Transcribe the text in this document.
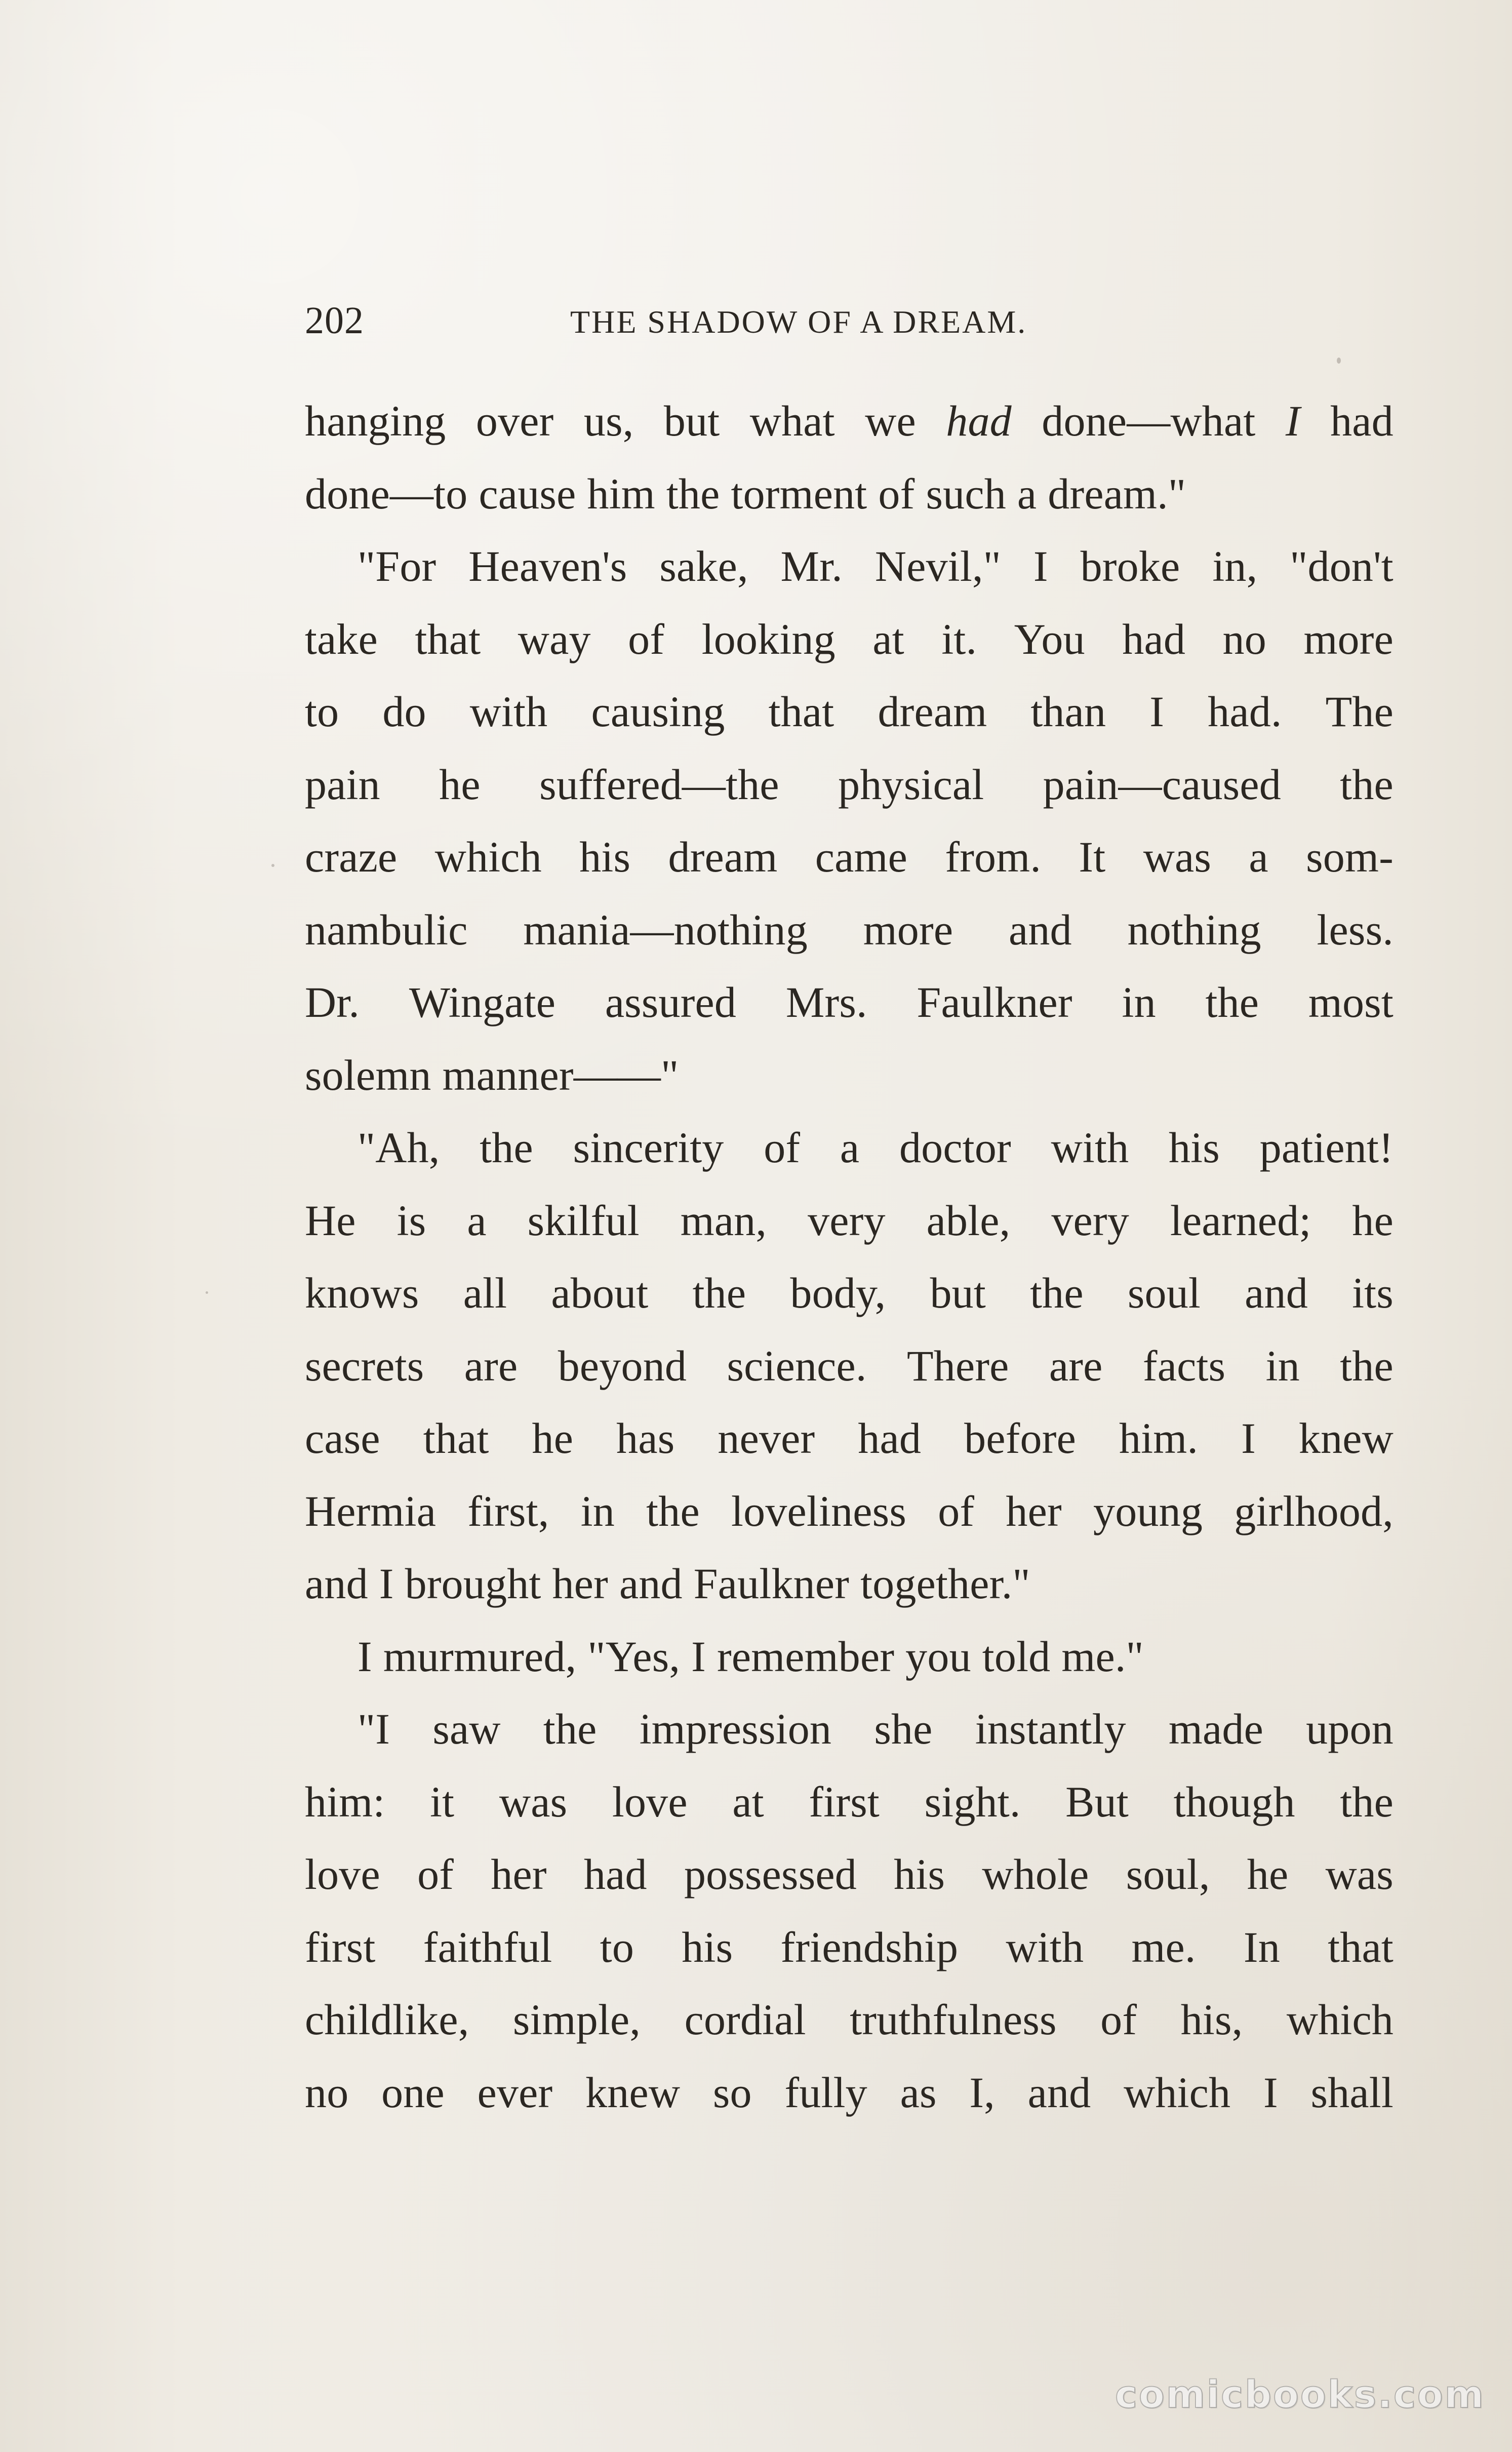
202	THE SHADOW OF A DREAM.
hanging over us, but what we had done—what I had
done—to cause him the torment of such a dream."
"For Heaven's sake, Mr. Nevil," I broke in, "don't
take that way of looking at it. You had no more
to do with causing that dream than I had. The
pain he suffered—the physical pain—caused the
craze which his dream came from. It was a som-
nambulic mania—nothing more and nothing less.
Dr. Wingate assured Mrs. Faulkner in the most
solemn manner——"
"Ah, the sincerity of a doctor with his patient!
He is a skilful man, very able, very learned; he
knows all about the body, but the soul and its
secrets are beyond science. There are facts in the
case that he has never had before him. I knew
Hermia first, in the loveliness of her young girlhood,
and I brought her and Faulkner together."
I murmured, "Yes, I remember you told me."
"I saw the impression she instantly made upon
him: it was love at first sight. But though the
love of her had possessed his whole soul, he was
first faithful to his friendship with me. In that
childlike, simple, cordial truthfulness of his, which
no one ever knew so fully as I, and which I shall
comicbooks.com
